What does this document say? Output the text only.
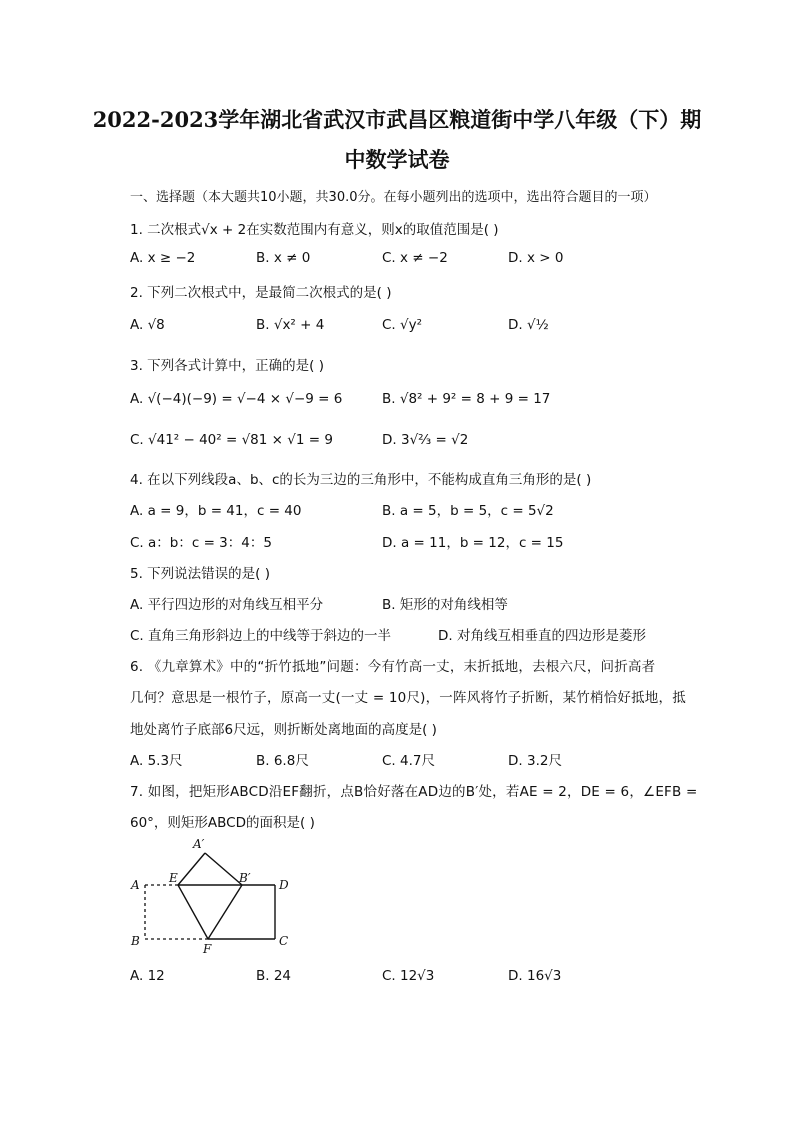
2022-2023学年湖北省武汉市武昌区粮道街中学八年级（下）期
中数学试卷
一、选择题（本大题共10小题，共30.0分。在每小题列出的选项中，选出符合题目的一项）
1. 二次根式√x + 2在实数范围内有意义，则x的取值范围是( )
A. x ≥ −2	B. x ≠ 0	C. x ≠ −2	D. x > 0
2. 下列二次根式中，是最简二次根式的是( )
A. √8	B. √x² + 4	C. √y²	D. √½
3. 下列各式计算中，正确的是( )
A. √(−4)(−9) = √−4 × √−9 = 6	B. √8² + 9² = 8 + 9 = 17
C. √41² − 40² = √81 × √1 = 9	D. 3√⅔ = √2
4. 在以下列线段a、b、c的长为三边的三角形中，不能构成直角三角形的是( )
A. a = 9，b = 41，c = 40	B. a = 5，b = 5，c = 5√2
C. a：b：c = 3：4：5	D. a = 11，b = 12，c = 15
5. 下列说法错误的是( )
A. 平行四边形的对角线互相平分	B. 矩形的对角线相等
C. 直角三角形斜边上的中线等于斜边的一半	D. 对角线互相垂直的四边形是菱形
6. 《九章算术》中的“折竹抵地”问题：今有竹高一丈，末折抵地，去根六尺，问折高者
几何？意思是一根竹子，原高一丈(一丈 = 10尺)，一阵风将竹子折断，某竹梢恰好抵地，抵
地处离竹子底部6尺远，则折断处离地面的高度是( )
A. 5.3尺	B. 6.8尺	C. 4.7尺	D. 3.2尺
7. 如图，把矩形ABCD沿EF翻折，点B恰好落在AD边的B′处，若AE = 2，DE = 6，∠EFB =
60°，则矩形ABCD的面积是( )
A′
E	B′ D
A
B
F
C
A. 12	B. 24	C. 12√3	D. 16√3
